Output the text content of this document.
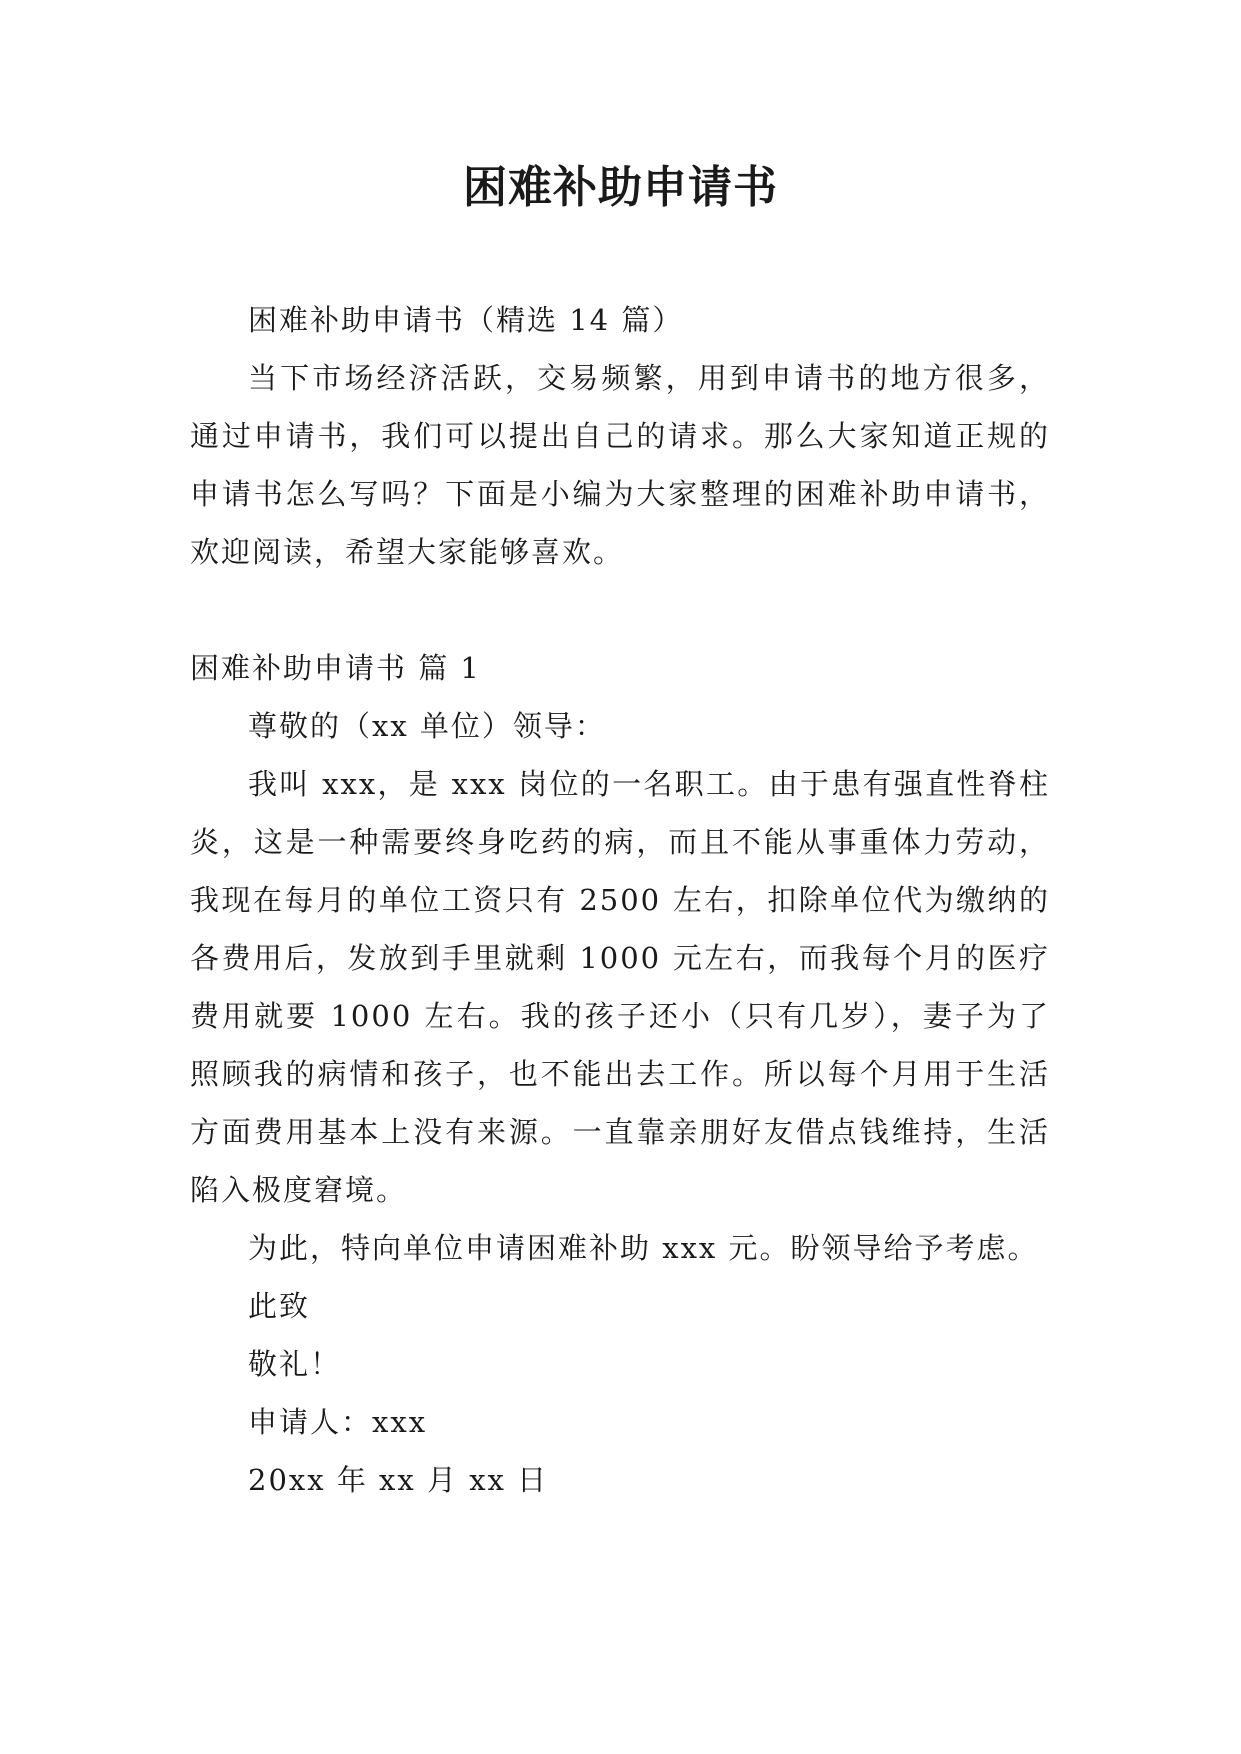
困难补助申请书

困难补助申请书（精选 14 篇）

当下市场经济活跃，交易频繁，用到申请书的地方很多，通过申请书，我们可以提出自己的请求。那么大家知道正规的申请书怎么写吗？下面是小编为大家整理的困难补助申请书，欢迎阅读，希望大家能够喜欢。

困难补助申请书 篇 1

尊敬的（xx 单位）领导：

我叫 xxx，是 xxx 岗位的一名职工。由于患有强直性脊柱炎，这是一种需要终身吃药的病，而且不能从事重体力劳动，我现在每月的单位工资只有 2500 左右，扣除单位代为缴纳的各费用后，发放到手里就剩 1000 元左右，而我每个月的医疗费用就要 1000 左右。我的孩子还小（只有几岁），妻子为了照顾我的病情和孩子，也不能出去工作。所以每个月用于生活方面费用基本上没有来源。一直靠亲朋好友借点钱维持，生活陷入极度窘境。

为此，特向单位申请困难补助 xxx 元。盼领导给予考虑。

此致

敬礼！

申请人：xxx

20xx 年 xx 月 xx 日
